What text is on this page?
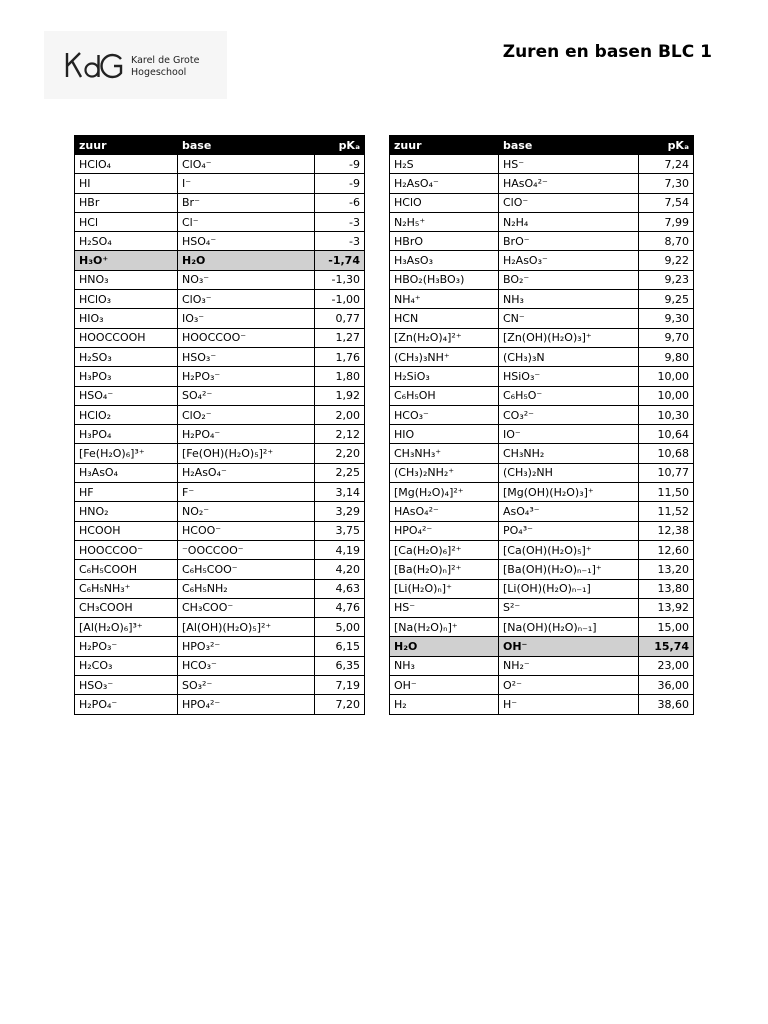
Karel de Grote
Hogeschool
Zuren en basen BLC 1
zuur	base	pKₐ
HClO₄	ClO₄⁻	-9
HI	I⁻	-9
HBr	Br⁻	-6
HCl	Cl⁻	-3
H₂SO₄	HSO₄⁻	-3
H₃O⁺	H₂O	-1,74
HNO₃	NO₃⁻	-1,30
HClO₃	ClO₃⁻	-1,00
HIO₃	IO₃⁻	0,77
HOOCCOOH	HOOCCOO⁻	1,27
H₂SO₃	HSO₃⁻	1,76
H₃PO₃	H₂PO₃⁻	1,80
HSO₄⁻	SO₄²⁻	1,92
HClO₂	ClO₂⁻	2,00
H₃PO₄	H₂PO₄⁻	2,12
[Fe(H₂O)₆]³⁺	[Fe(OH)(H₂O)₅]²⁺	2,20
H₃AsO₄	H₂AsO₄⁻	2,25
HF	F⁻	3,14
HNO₂	NO₂⁻	3,29
HCOOH	HCOO⁻	3,75
HOOCCOO⁻	⁻OOCCOO⁻	4,19
C₆H₅COOH	C₆H₅COO⁻	4,20
C₆H₅NH₃⁺	C₆H₅NH₂	4,63
CH₃COOH	CH₃COO⁻	4,76
[Al(H₂O)₆]³⁺	[Al(OH)(H₂O)₅]²⁺	5,00
H₂PO₃⁻	HPO₃²⁻	6,15
H₂CO₃	HCO₃⁻	6,35
HSO₃⁻	SO₃²⁻	7,19
H₂PO₄⁻	HPO₄²⁻	7,20
zuur	base	pKₐ
H₂S	HS⁻	7,24
H₂AsO₄⁻	HAsO₄²⁻	7,30
HClO	ClO⁻	7,54
N₂H₅⁺	N₂H₄	7,99
HBrO	BrO⁻	8,70
H₃AsO₃	H₂AsO₃⁻	9,22
HBO₂(H₃BO₃)	BO₂⁻	9,23
NH₄⁺	NH₃	9,25
HCN	CN⁻	9,30
[Zn(H₂O)₄]²⁺	[Zn(OH)(H₂O)₃]⁺	9,70
(CH₃)₃NH⁺	(CH₃)₃N	9,80
H₂SiO₃	HSiO₃⁻	10,00
C₆H₅OH	C₆H₅O⁻	10,00
HCO₃⁻	CO₃²⁻	10,30
HIO	IO⁻	10,64
CH₃NH₃⁺	CH₃NH₂	10,68
(CH₃)₂NH₂⁺	(CH₃)₂NH	10,77
[Mg(H₂O)₄]²⁺	[Mg(OH)(H₂O)₃]⁺	11,50
HAsO₄²⁻	AsO₄³⁻	11,52
HPO₄²⁻	PO₄³⁻	12,38
[Ca(H₂O)₆]²⁺	[Ca(OH)(H₂O)₅]⁺	12,60
[Ba(H₂O)ₙ]²⁺	[Ba(OH)(H₂O)ₙ₋₁]⁺	13,20
[Li(H₂O)ₙ]⁺	[Li(OH)(H₂O)ₙ₋₁]	13,80
HS⁻	S²⁻	13,92
[Na(H₂O)ₙ]⁺	[Na(OH)(H₂O)ₙ₋₁]	15,00
H₂O	OH⁻	15,74
NH₃	NH₂⁻	23,00
OH⁻	O²⁻	36,00
H₂	H⁻	38,60
